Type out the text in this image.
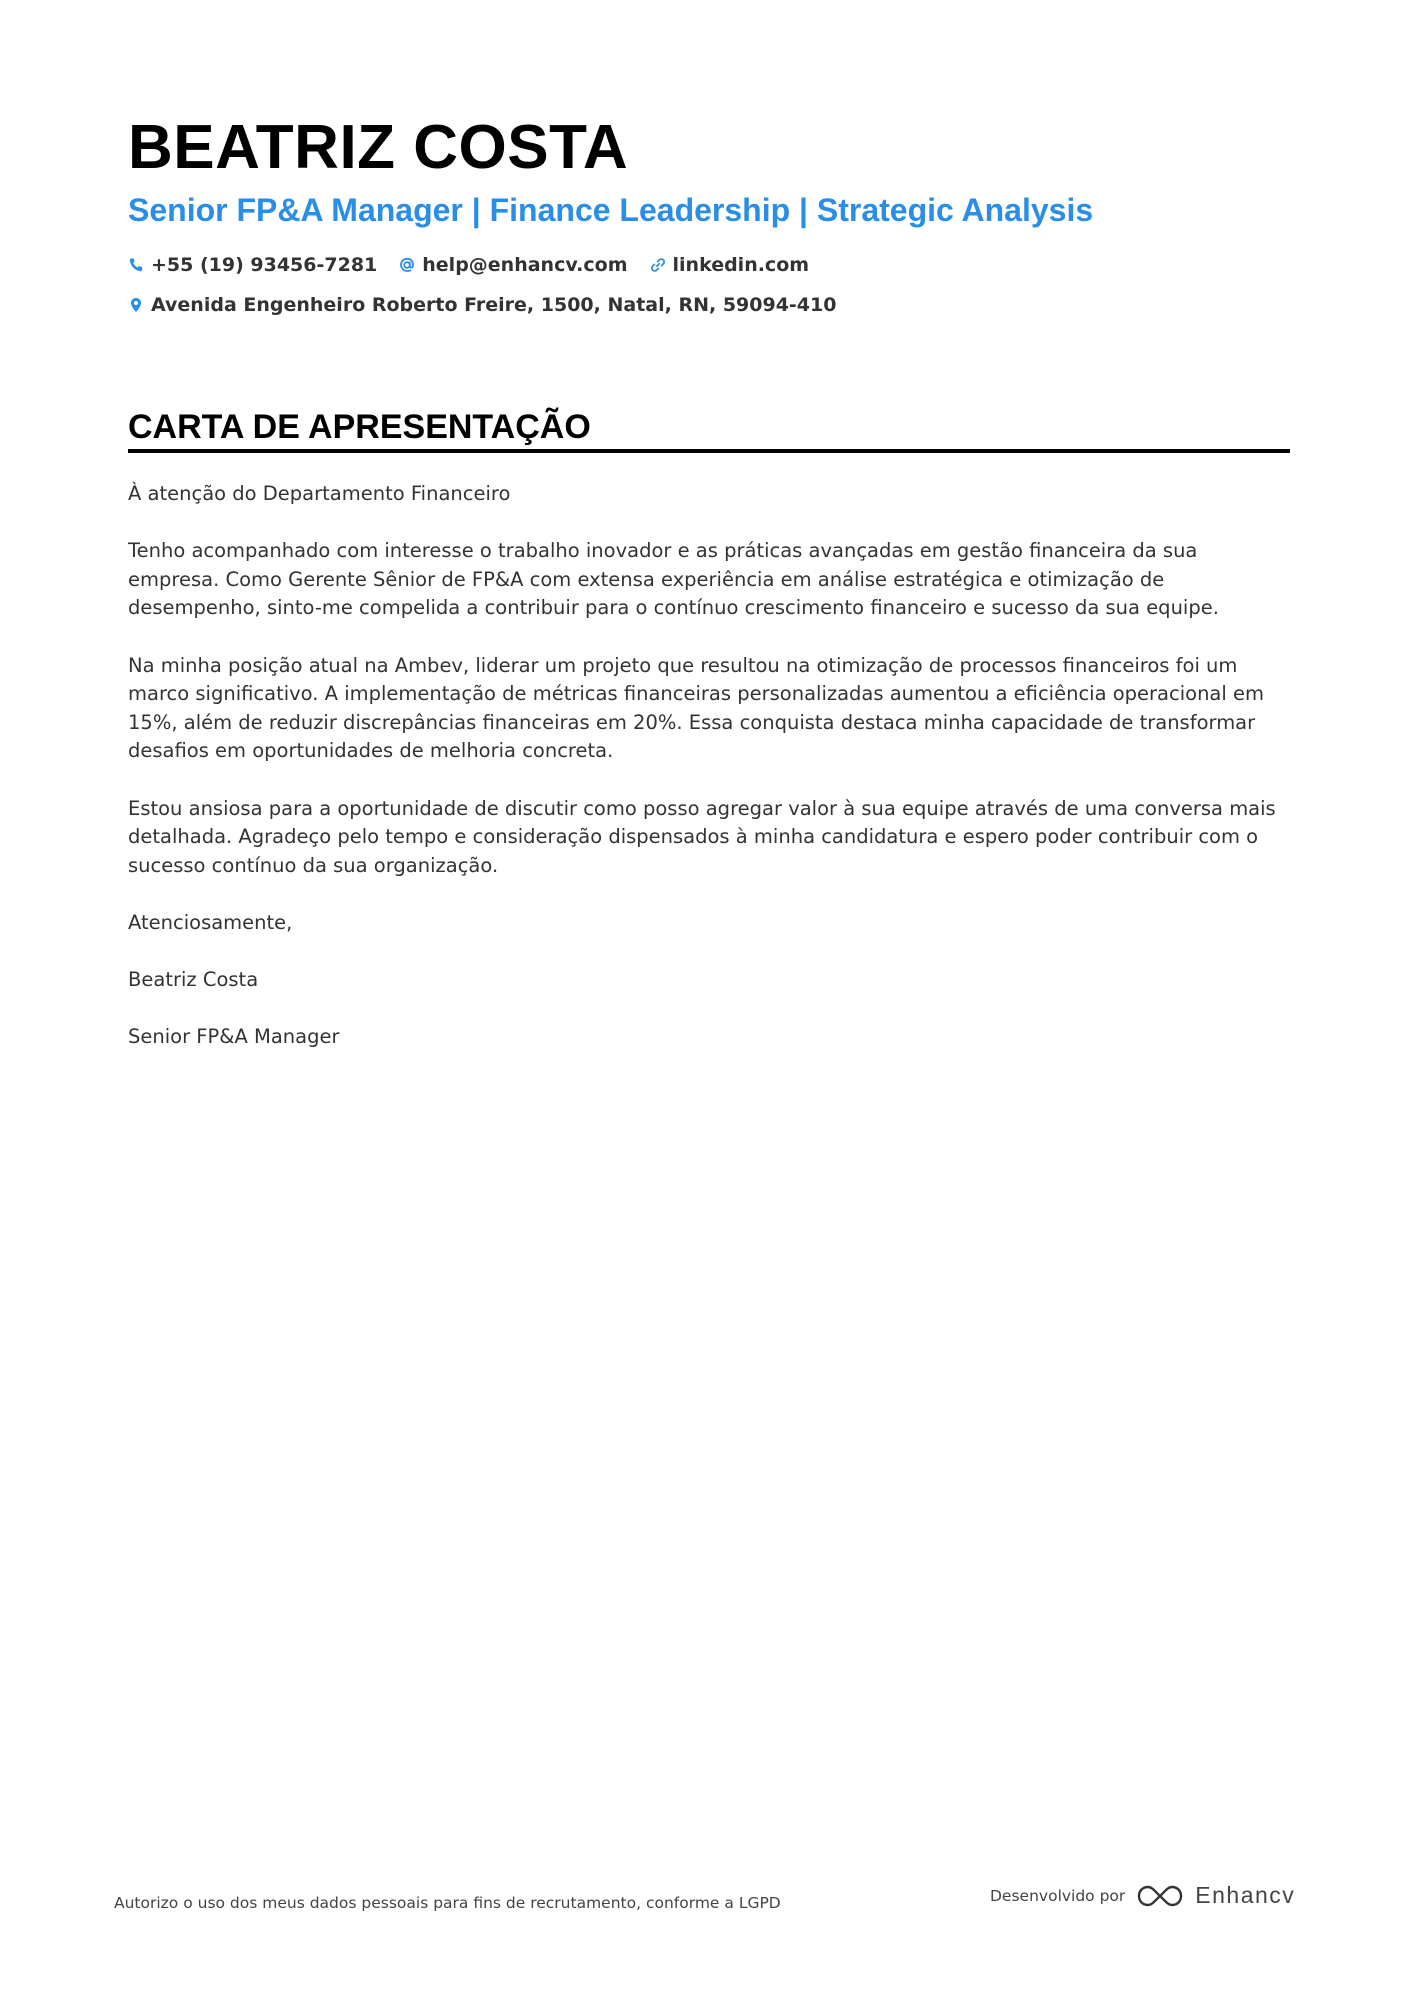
BEATRIZ COSTA
Senior FP&A Manager | Finance Leadership | Strategic Analysis
+55 (19) 93456-7281 help@enhancv.com linkedin.com
Avenida Engenheiro Roberto Freire, 1500, Natal, RN, 59094-410
CARTA DE APRESENTAÇÃO

À atenção do Departamento Financeiro

Tenho acompanhado com interesse o trabalho inovador e as práticas avançadas em gestão financeira da sua empresa. Como Gerente Sênior de FP&A com extensa experiência em análise estratégica e otimização de desempenho, sinto-me compelida a contribuir para o contínuo crescimento financeiro e sucesso da sua equipe.

Na minha posição atual na Ambev, liderar um projeto que resultou na otimização de processos financeiros foi um marco significativo. A implementação de métricas financeiras personalizadas aumentou a eficiência operacional em 15%, além de reduzir discrepâncias financeiras em 20%. Essa conquista destaca minha capacidade de transformar desafios em oportunidades de melhoria concreta.

Estou ansiosa para a oportunidade de discutir como posso agregar valor à sua equipe através de uma conversa mais detalhada. Agradeço pelo tempo e consideração dispensados à minha candidatura e espero poder contribuir com o sucesso contínuo da sua organização.

Atenciosamente,

Beatriz Costa

Senior FP&A Manager

Autorizo o uso dos meus dados pessoais para fins de recrutamento, conforme a LGPD	Desenvolvido por	Enhancv
